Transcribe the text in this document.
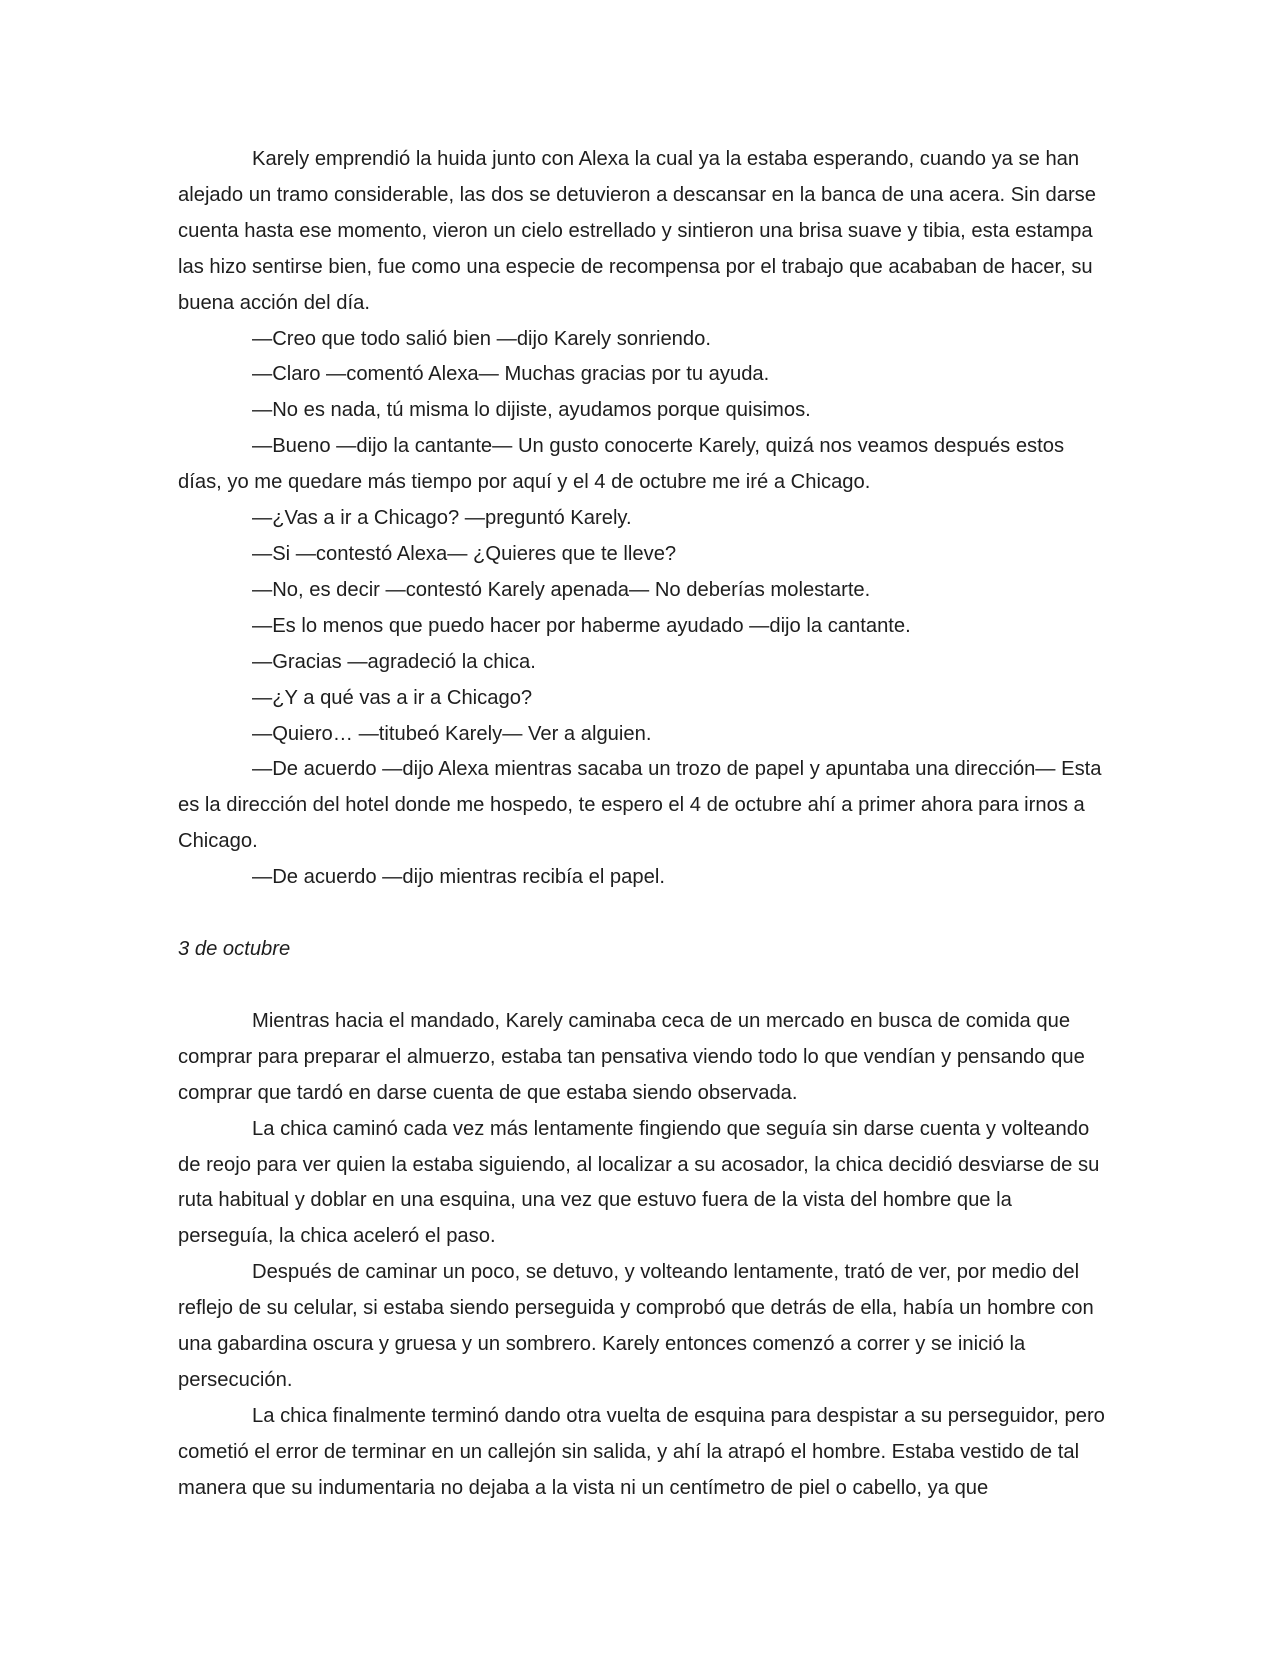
Karely emprendió la huida junto con Alexa la cual ya la estaba esperando, cuando ya se han alejado un tramo considerable, las dos se detuvieron a descansar en la banca de una acera. Sin darse cuenta hasta ese momento, vieron un cielo estrellado y sintieron una brisa suave y tibia, esta estampa las hizo sentirse bien, fue como una especie de recompensa por el trabajo que acababan de hacer, su buena acción del día.

—Creo que todo salió bien —dijo Karely sonriendo.

—Claro —comentó Alexa— Muchas gracias por tu ayuda.

—No es nada, tú misma lo dijiste, ayudamos porque quisimos.

—Bueno —dijo la cantante— Un gusto conocerte Karely, quizá nos veamos después estos días, yo me quedare más tiempo por aquí y el 4 de octubre me iré a Chicago.

—¿Vas a ir a Chicago? —preguntó Karely.

—Si —contestó Alexa— ¿Quieres que te lleve?

—No, es decir —contestó Karely apenada— No deberías molestarte.

—Es lo menos que puedo hacer por haberme ayudado —dijo la cantante.

—Gracias —agradeció la chica.

—¿Y a qué vas a ir a Chicago?

—Quiero… —titubeó Karely— Ver a alguien.

—De acuerdo —dijo Alexa mientras sacaba un trozo de papel y apuntaba una dirección— Esta es la dirección del hotel donde me hospedo, te espero el 4 de octubre ahí a primer ahora para irnos a Chicago.

—De acuerdo —dijo mientras recibía el papel.

3 de octubre

Mientras hacia el mandado, Karely caminaba ceca de un mercado en busca de comida que comprar para preparar el almuerzo, estaba tan pensativa viendo todo lo que vendían y pensando que comprar que tardó en darse cuenta de que estaba siendo observada.

La chica caminó cada vez más lentamente fingiendo que seguía sin darse cuenta y volteando de reojo para ver quien la estaba siguiendo, al localizar a su acosador, la chica decidió desviarse de su ruta habitual y doblar en una esquina, una vez que estuvo fuera de la vista del hombre que la perseguía, la chica aceleró el paso.

Después de caminar un poco, se detuvo, y volteando lentamente, trató de ver, por medio del reflejo de su celular, si estaba siendo perseguida y comprobó que detrás de ella, había un hombre con una gabardina oscura y gruesa y un sombrero. Karely entonces comenzó a correr y se inició la persecución.

La chica finalmente terminó dando otra vuelta de esquina para despistar a su perseguidor, pero cometió el error de terminar en un callejón sin salida, y ahí la atrapó el hombre. Estaba vestido de tal manera que su indumentaria no dejaba a la vista ni un centímetro de piel o cabello, ya que
